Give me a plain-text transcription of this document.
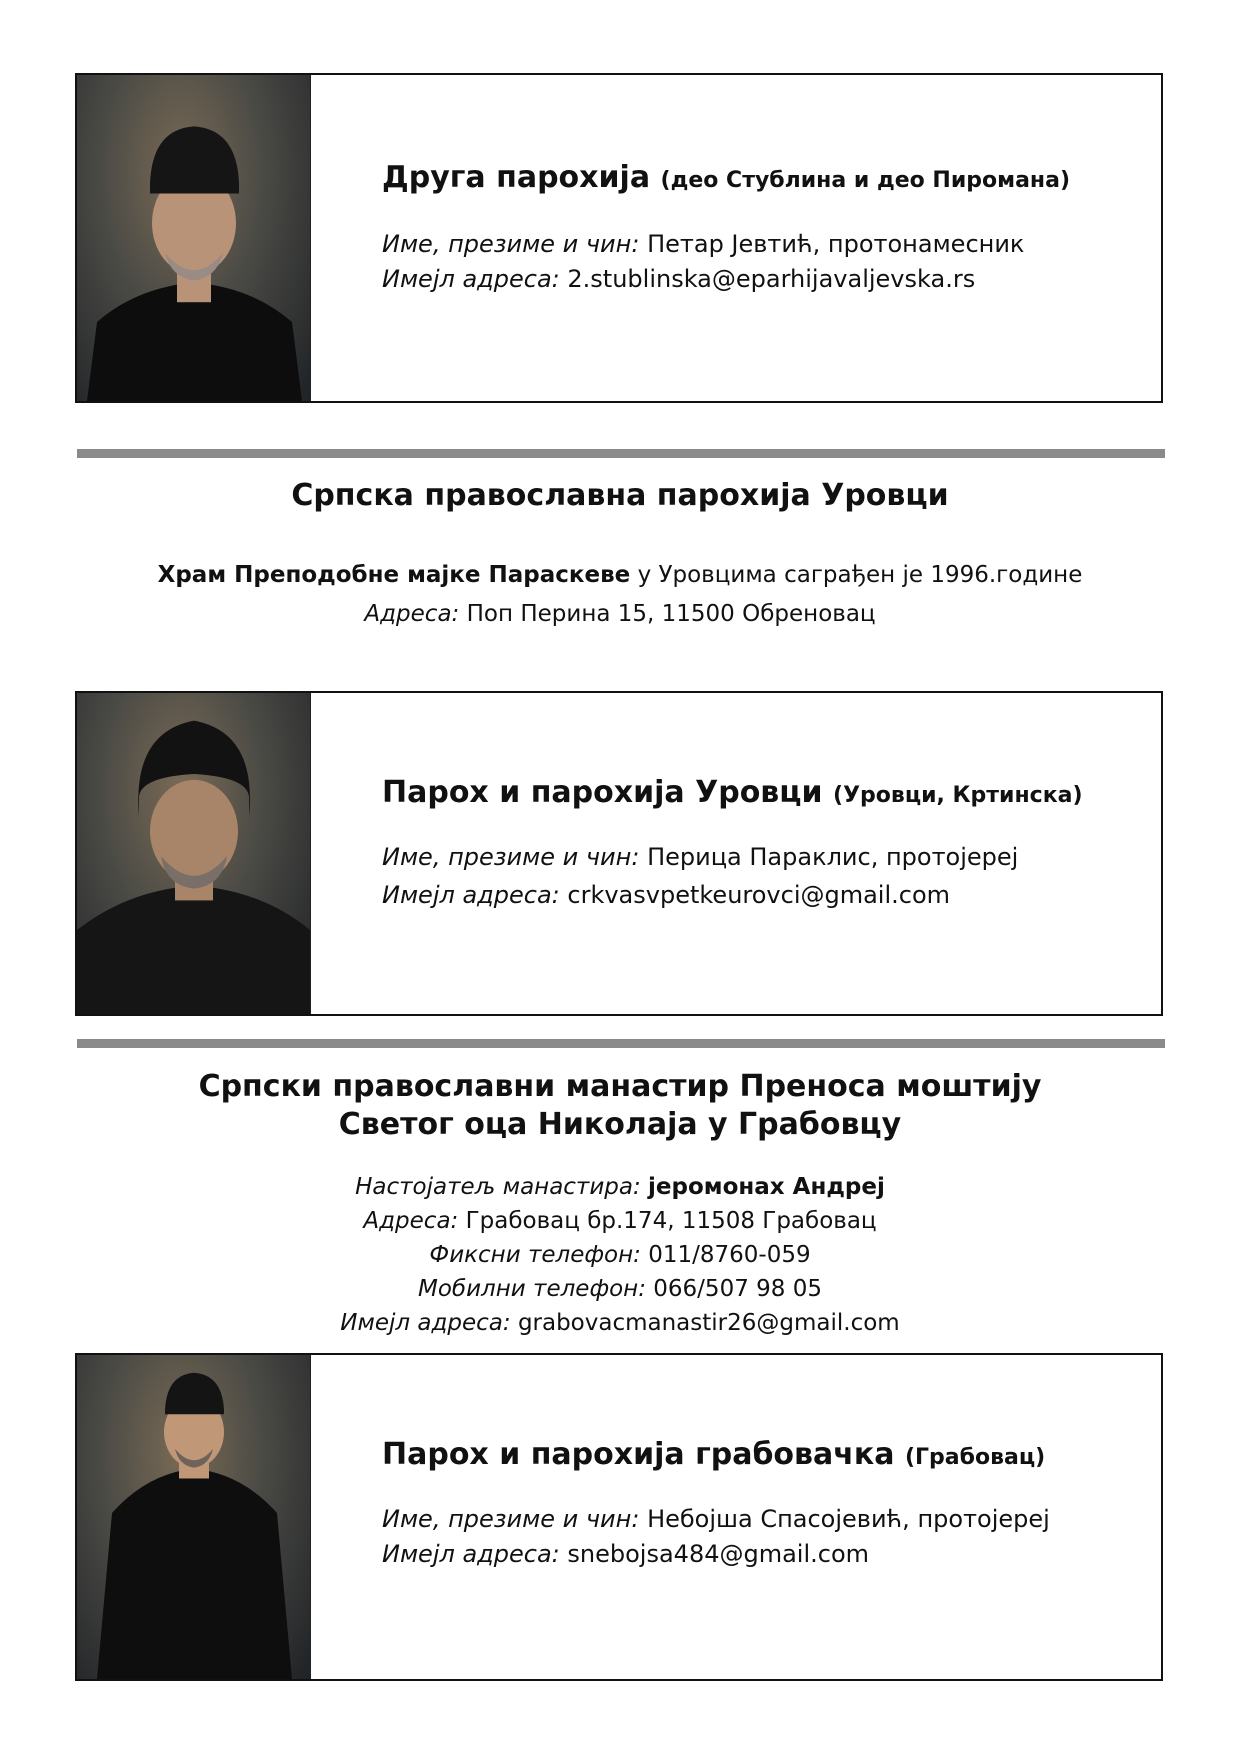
Друга парохија (део Стублина и део Пиромана)

Име, презиме и чин: Петар Јевтић, протонамесник

Имејл адреса: 2.stublinska@eparhijavaljevska.rs

Српска православна парохија Уровци
Храм Преподобне мајке Параскеве у Уровцима саграђен је 1996.године
Адреса: Поп Перина 15, 11500 Обреновац

Парох и парохија Уровци (Уровци, Кртинска)

Име, презиме и чин: Перица Параклис, протојереј

Имејл адреса: crkvasvpetkeurovci@gmail.com

Српски православни манастир Преноса моштију
Светог оца Николаја у Грабовцу
Настојатељ манастира: јеромонах Андреј
Адреса: Грабовац бр.174, 11508 Грабовац
Фиксни телефон: 011/8760-059
Мобилни телефон: 066/507 98 05
Имејл адреса: grabovacmanastir26@gmail.com

Парох и парохија грабовачка (Грабовац)

Име, презиме и чин: Небојша Спасојевић, протојереј

Имејл адреса: snebojsa484@gmail.com
